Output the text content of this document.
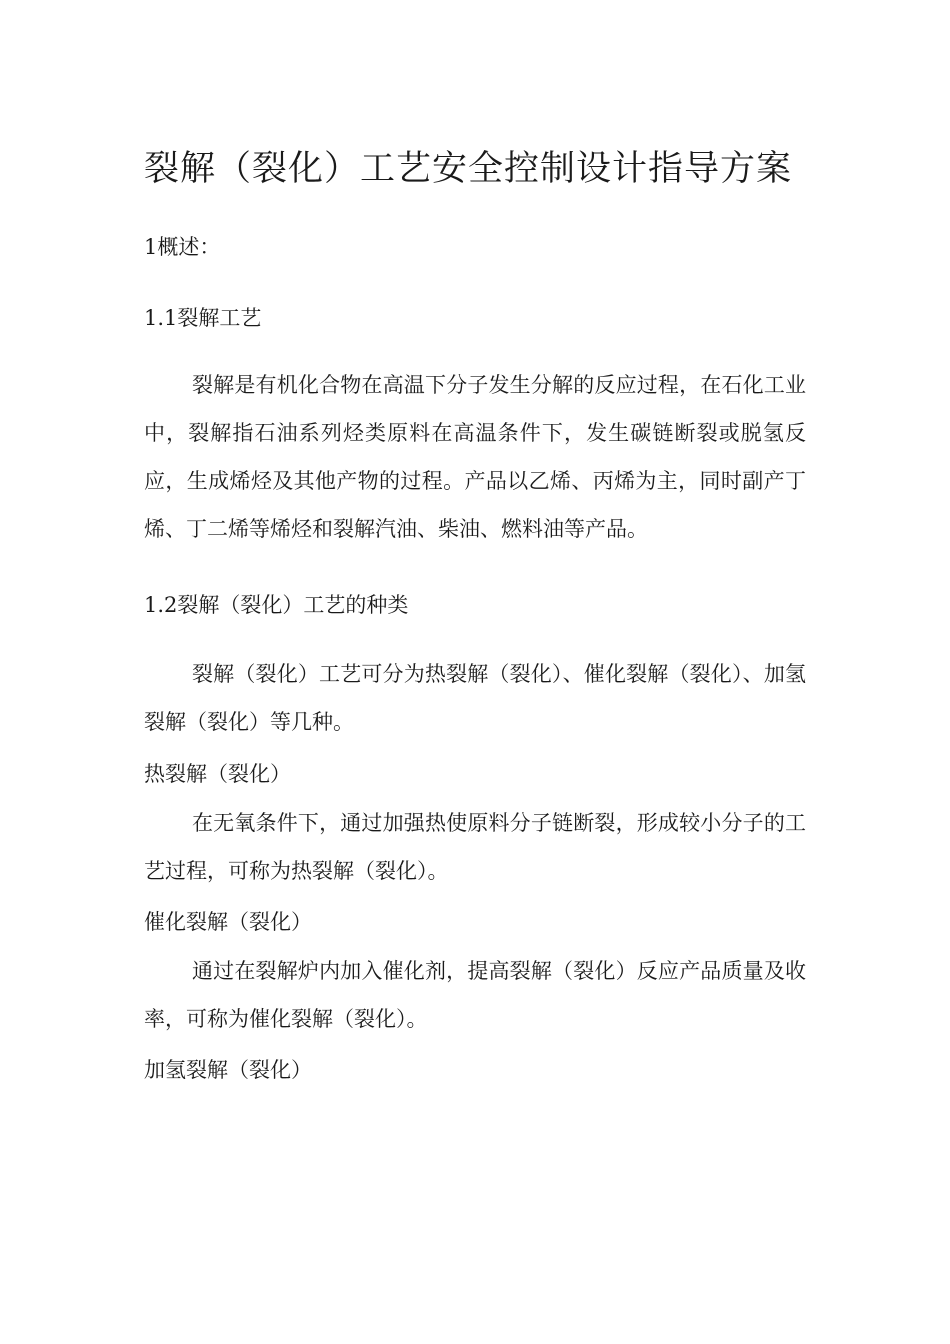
裂解（裂化）工艺安全控制设计指导方案

1概述：

1.1裂解工艺

裂解是有机化合物在高温下分子发生分解的反应过程，在石化工业中，裂解指石油系列烃类原料在高温条件下，发生碳链断裂或脱氢反应，生成烯烃及其他产物的过程。产品以乙烯、丙烯为主，同时副产丁烯、丁二烯等烯烃和裂解汽油、柴油、燃料油等产品。

1.2裂解（裂化）工艺的种类

裂解（裂化）工艺可分为热裂解（裂化）、催化裂解（裂化）、加氢裂解（裂化）等几种。

热裂解（裂化）

在无氧条件下，通过加强热使原料分子链断裂，形成较小分子的工艺过程，可称为热裂解（裂化）。

催化裂解（裂化）

通过在裂解炉内加入催化剂，提高裂解（裂化）反应产品质量及收率，可称为催化裂解（裂化）。

加氢裂解（裂化）
